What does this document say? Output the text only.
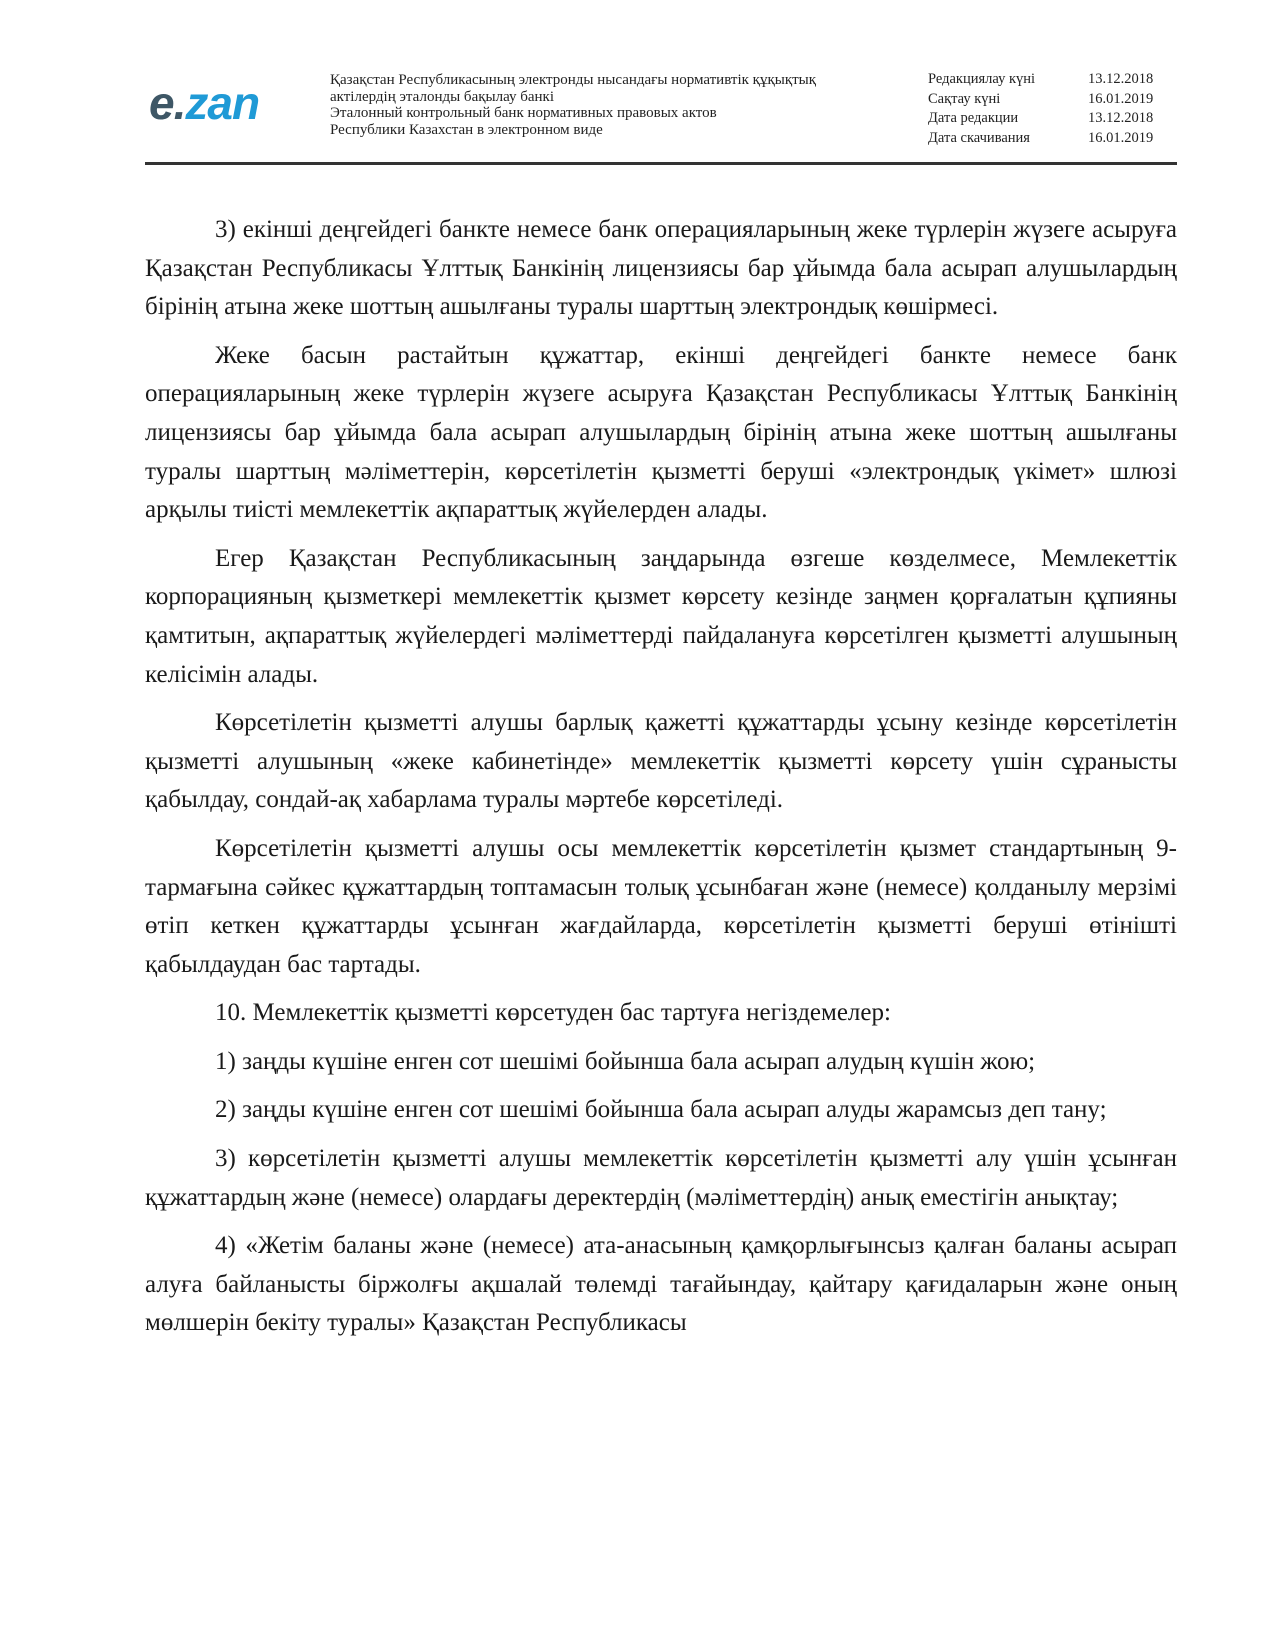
e.zan	Қазақстан Республикасының электронды нысандағы нормативтік құқықтық
актілердің эталонды бақылау банкі
Эталонный контрольный банк нормативных правовых актов
Республики Казахстан в электронном виде
Редакциялау күні	13.12.2018
Сақтау күні	16.01.2019
Дата редакции	13.12.2018
Дата скачивания	16.01.2019

3) екінші деңгейдегі банкте немесе банк операцияларының жеке түрлерін жүзеге асыруға Қазақстан Республикасы Ұлттық Банкінің лицензиясы бар ұйымда бала асырап алушылардың бірінің атына жеке шоттың ашылғаны туралы шарттың электрондық көшірмесі.

Жеке басын растайтын құжаттар, екінші деңгейдегі банкте немесе банк операцияларының жеке түрлерін жүзеге асыруға Қазақстан Республикасы Ұлттық Банкінің лицензиясы бар ұйымда бала асырап алушылардың бірінің атына жеке шоттың ашылғаны туралы шарттың мәліметтерін, көрсетілетін қызметті беруші «электрондық үкімет» шлюзі арқылы тиісті мемлекеттік ақпараттық жүйелерден алады.

Егер Қазақстан Республикасының заңдарында өзгеше көзделмесе, Мемлекеттік корпорацияның қызметкері мемлекеттік қызмет көрсету кезінде заңмен қорғалатын құпияны қамтитын, ақпараттық жүйелердегі мәліметтерді пайдалануға көрсетілген қызметті алушының келісімін алады.

Көрсетілетін қызметті алушы барлық қажетті құжаттарды ұсыну кезінде көрсетілетін қызметті алушының «жеке кабинетінде» мемлекеттік қызметті көрсету үшін сұранысты қабылдау, сондай-ақ хабарлама туралы мәртебе көрсетіледі.

Көрсетілетін қызметті алушы осы мемлекеттік көрсетілетін қызмет стандартының 9-тармағына сәйкес құжаттардың топтамасын толық ұсынбаған және (немесе) қолданылу мерзімі өтіп кеткен құжаттарды ұсынған жағдайларда, көрсетілетін қызметті беруші өтінішті қабылдаудан бас тартады.

10. Мемлекеттік қызметті көрсетуден бас тартуға негіздемелер:

1) заңды күшіне енген сот шешімі бойынша бала асырап алудың күшін жою;

2) заңды күшіне енген сот шешімі бойынша бала асырап алуды жарамсыз деп тану;

3) көрсетілетін қызметті алушы мемлекеттік көрсетілетін қызметті алу үшін ұсынған құжаттардың және (немесе) олардағы деректердің (мәліметтердің) анық еместігін анықтау;

4) «Жетім баланы және (немесе) ата-анасының қамқорлығынсыз қалған баланы асырап алуға байланысты біржолғы ақшалай төлемді тағайындау, қайтару қағидаларын және оның мөлшерін бекіту туралы» Қазақстан Республикасы
